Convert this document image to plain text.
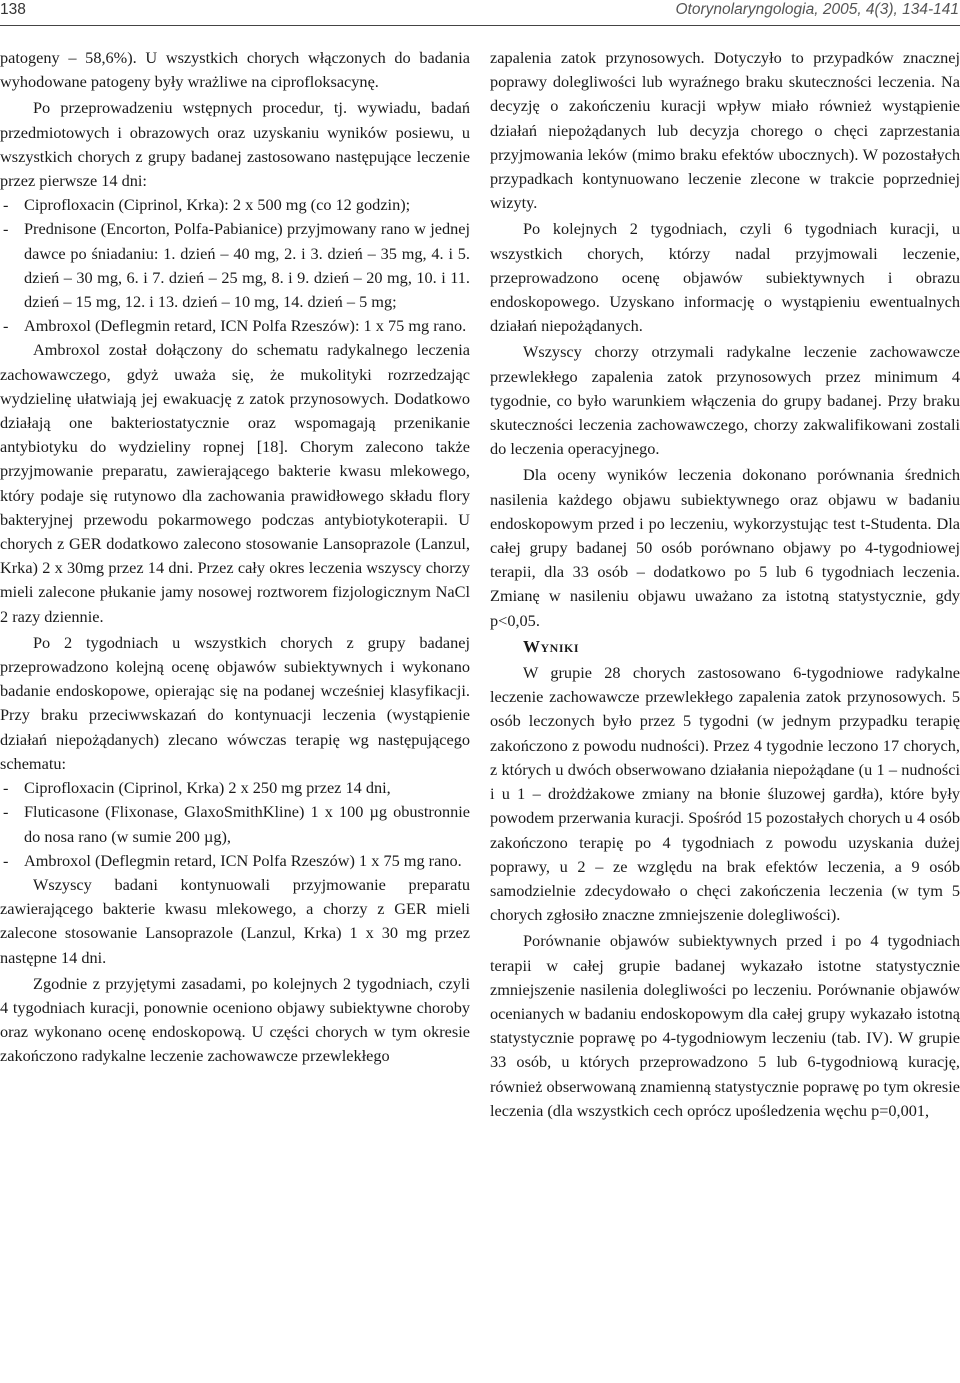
138	Otorynolaryngologia, 2005, 4(3), 134-141

patogeny – 58,6%). U wszystkich chorych włączonych do badania wyhodowane patogeny były wrażliwe na ciprofloksacynę.

Po przeprowadzeniu wstępnych procedur, tj. wywiadu, badań przedmiotowych i obrazowych oraz uzyskaniu wyników posiewu, u wszystkich chorych z grupy badanej zastosowano następujące leczenie przez pierwsze 14 dni:

- Ciprofloxacin (Ciprinol, Krka): 2 x 500 mg (co 12 godzin);
- Prednisone (Encorton, Polfa-Pabianice) przyjmowany rano w jednej dawce po śniadaniu: 1. dzień – 40 mg, 2. i 3. dzień – 35 mg, 4. i 5. dzień – 30 mg, 6. i 7. dzień – 25 mg, 8. i 9. dzień – 20 mg, 10. i 11. dzień – 15 mg, 12. i 13. dzień – 10 mg, 14. dzień – 5 mg;
- Ambroxol (Deflegmin retard, ICN Polfa Rzeszów): 1 x 75 mg rano.

Ambroxol został dołączony do schematu radykalnego leczenia zachowawczego, gdyż uważa się, że mukolityki rozrzedzając wydzielinę ułatwiają jej ewakuację z zatok przynosowych. Dodatkowo działają one bakteriostatycznie oraz wspomagają przenikanie antybiotyku do wydzieliny ropnej [18]. Chorym zalecono także przyjmowanie preparatu, zawierającego bakterie kwasu mlekowego, który podaje się rutynowo dla zachowania prawidłowego składu flory bakteryjnej przewodu pokarmowego podczas antybiotykoterapii. U chorych z GER dodatkowo zalecono stosowanie Lansoprazole (Lanzul, Krka) 2 x 30mg przez 14 dni. Przez cały okres leczenia wszyscy chorzy mieli zalecone płukanie jamy nosowej roztworem fizjologicznym NaCl 2 razy dziennie.

Po 2 tygodniach u wszystkich chorych z grupy badanej przeprowadzono kolejną ocenę objawów subiektywnych i wykonano badanie endoskopowe, opierając się na podanej wcześniej klasyfikacji. Przy braku przeciwwskazań do kontynuacji leczenia (wystąpienie działań niepożądanych) zlecano wówczas terapię wg następującego schematu:

- Ciprofloxacin (Ciprinol, Krka) 2 x 250 mg przez 14 dni,
- Fluticasone (Flixonase, GlaxoSmithKline) 1 x 100 µg obustronnie do nosa rano (w sumie 200 µg),
- Ambroxol (Deflegmin retard, ICN Polfa Rzeszów) 1 x 75 mg rano.

Wszyscy badani kontynuowali przyjmowanie preparatu zawierającego bakterie kwasu mlekowego, a chorzy z GER mieli zalecone stosowanie Lansoprazole (Lanzul, Krka) 1 x 30 mg przez następne 14 dni.

Zgodnie z przyjętymi zasadami, po kolejnych 2 tygodniach, czyli 4 tygodniach kuracji, ponownie oceniono objawy subiektywne choroby oraz wykonano ocenę endoskopową. U części chorych w tym okresie zakończono radykalne leczenie zachowawcze przewlekłego

zapalenia zatok przynosowych. Dotyczyło to przypadków znacznej poprawy dolegliwości lub wyraźnego braku skuteczności leczenia. Na decyzję o zakończeniu kuracji wpływ miało również wystąpienie działań niepożądanych lub decyzja chorego o chęci zaprzestania przyjmowania leków (mimo braku efektów ubocznych). W pozostałych przypadkach kontynuowano leczenie zlecone w trakcie poprzedniej wizyty.

Po kolejnych 2 tygodniach, czyli 6 tygodniach kuracji, u wszystkich chorych, którzy nadal przyjmowali leczenie, przeprowadzono ocenę objawów subiektywnych i obrazu endoskopowego. Uzyskano informację o wystąpieniu ewentualnych działań niepożądanych.

Wszyscy chorzy otrzymali radykalne leczenie zachowawcze przewlekłego zapalenia zatok przynosowych przez minimum 4 tygodnie, co było warunkiem włączenia do grupy badanej. Przy braku skuteczności leczenia zachowawczego, chorzy zakwalifikowani zostali do leczenia operacyjnego.

Dla oceny wyników leczenia dokonano porównania średnich nasilenia każdego objawu subiektywnego oraz objawu w badaniu endoskopowym przed i po leczeniu, wykorzystując test t-Studenta. Dla całej grupy badanej 50 osób porównano objawy po 4-tygodniowej terapii, dla 33 osób – dodatkowo po 5 lub 6 tygodniach leczenia. Zmianę w nasileniu objawu uważano za istotną statystycznie, gdy p<0,05.

Wyniki

W grupie 28 chorych zastosowano 6-tygodniowe radykalne leczenie zachowawcze przewlekłego zapalenia zatok przynosowych. 5 osób leczonych było przez 5 tygodni (w jednym przypadku terapię zakończono z powodu nudności). Przez 4 tygodnie leczono 17 chorych, z których u dwóch obserwowano działania niepożądane (u 1 – nudności i u 1 – drożdżakowe zmiany na błonie śluzowej gardła), które były powodem przerwania kuracji. Spośród 15 pozostałych chorych u 4 osób zakończono terapię po 4 tygodniach z powodu uzyskania dużej poprawy, u 2 – ze względu na brak efektów leczenia, a 9 osób samodzielnie zdecydowało o chęci zakończenia leczenia (w tym 5 chorych zgłosiło znaczne zmniejszenie dolegliwości).

Porównanie objawów subiektywnych przed i po 4 tygodniach terapii w całej grupie badanej wykazało istotne statystycznie zmniejszenie nasilenia dolegliwości po leczeniu. Porównanie objawów ocenianych w badaniu endoskopowym dla całej grupy wykazało istotną statystycznie poprawę po 4-tygodniowym leczeniu (tab. IV). W grupie 33 osób, u których przeprowadzono 5 lub 6-tygodniową kurację, również obserwowaną znamienną statystycznie poprawę po tym okresie leczenia (dla wszystkich cech oprócz upośledzenia węchu p=0,001,
